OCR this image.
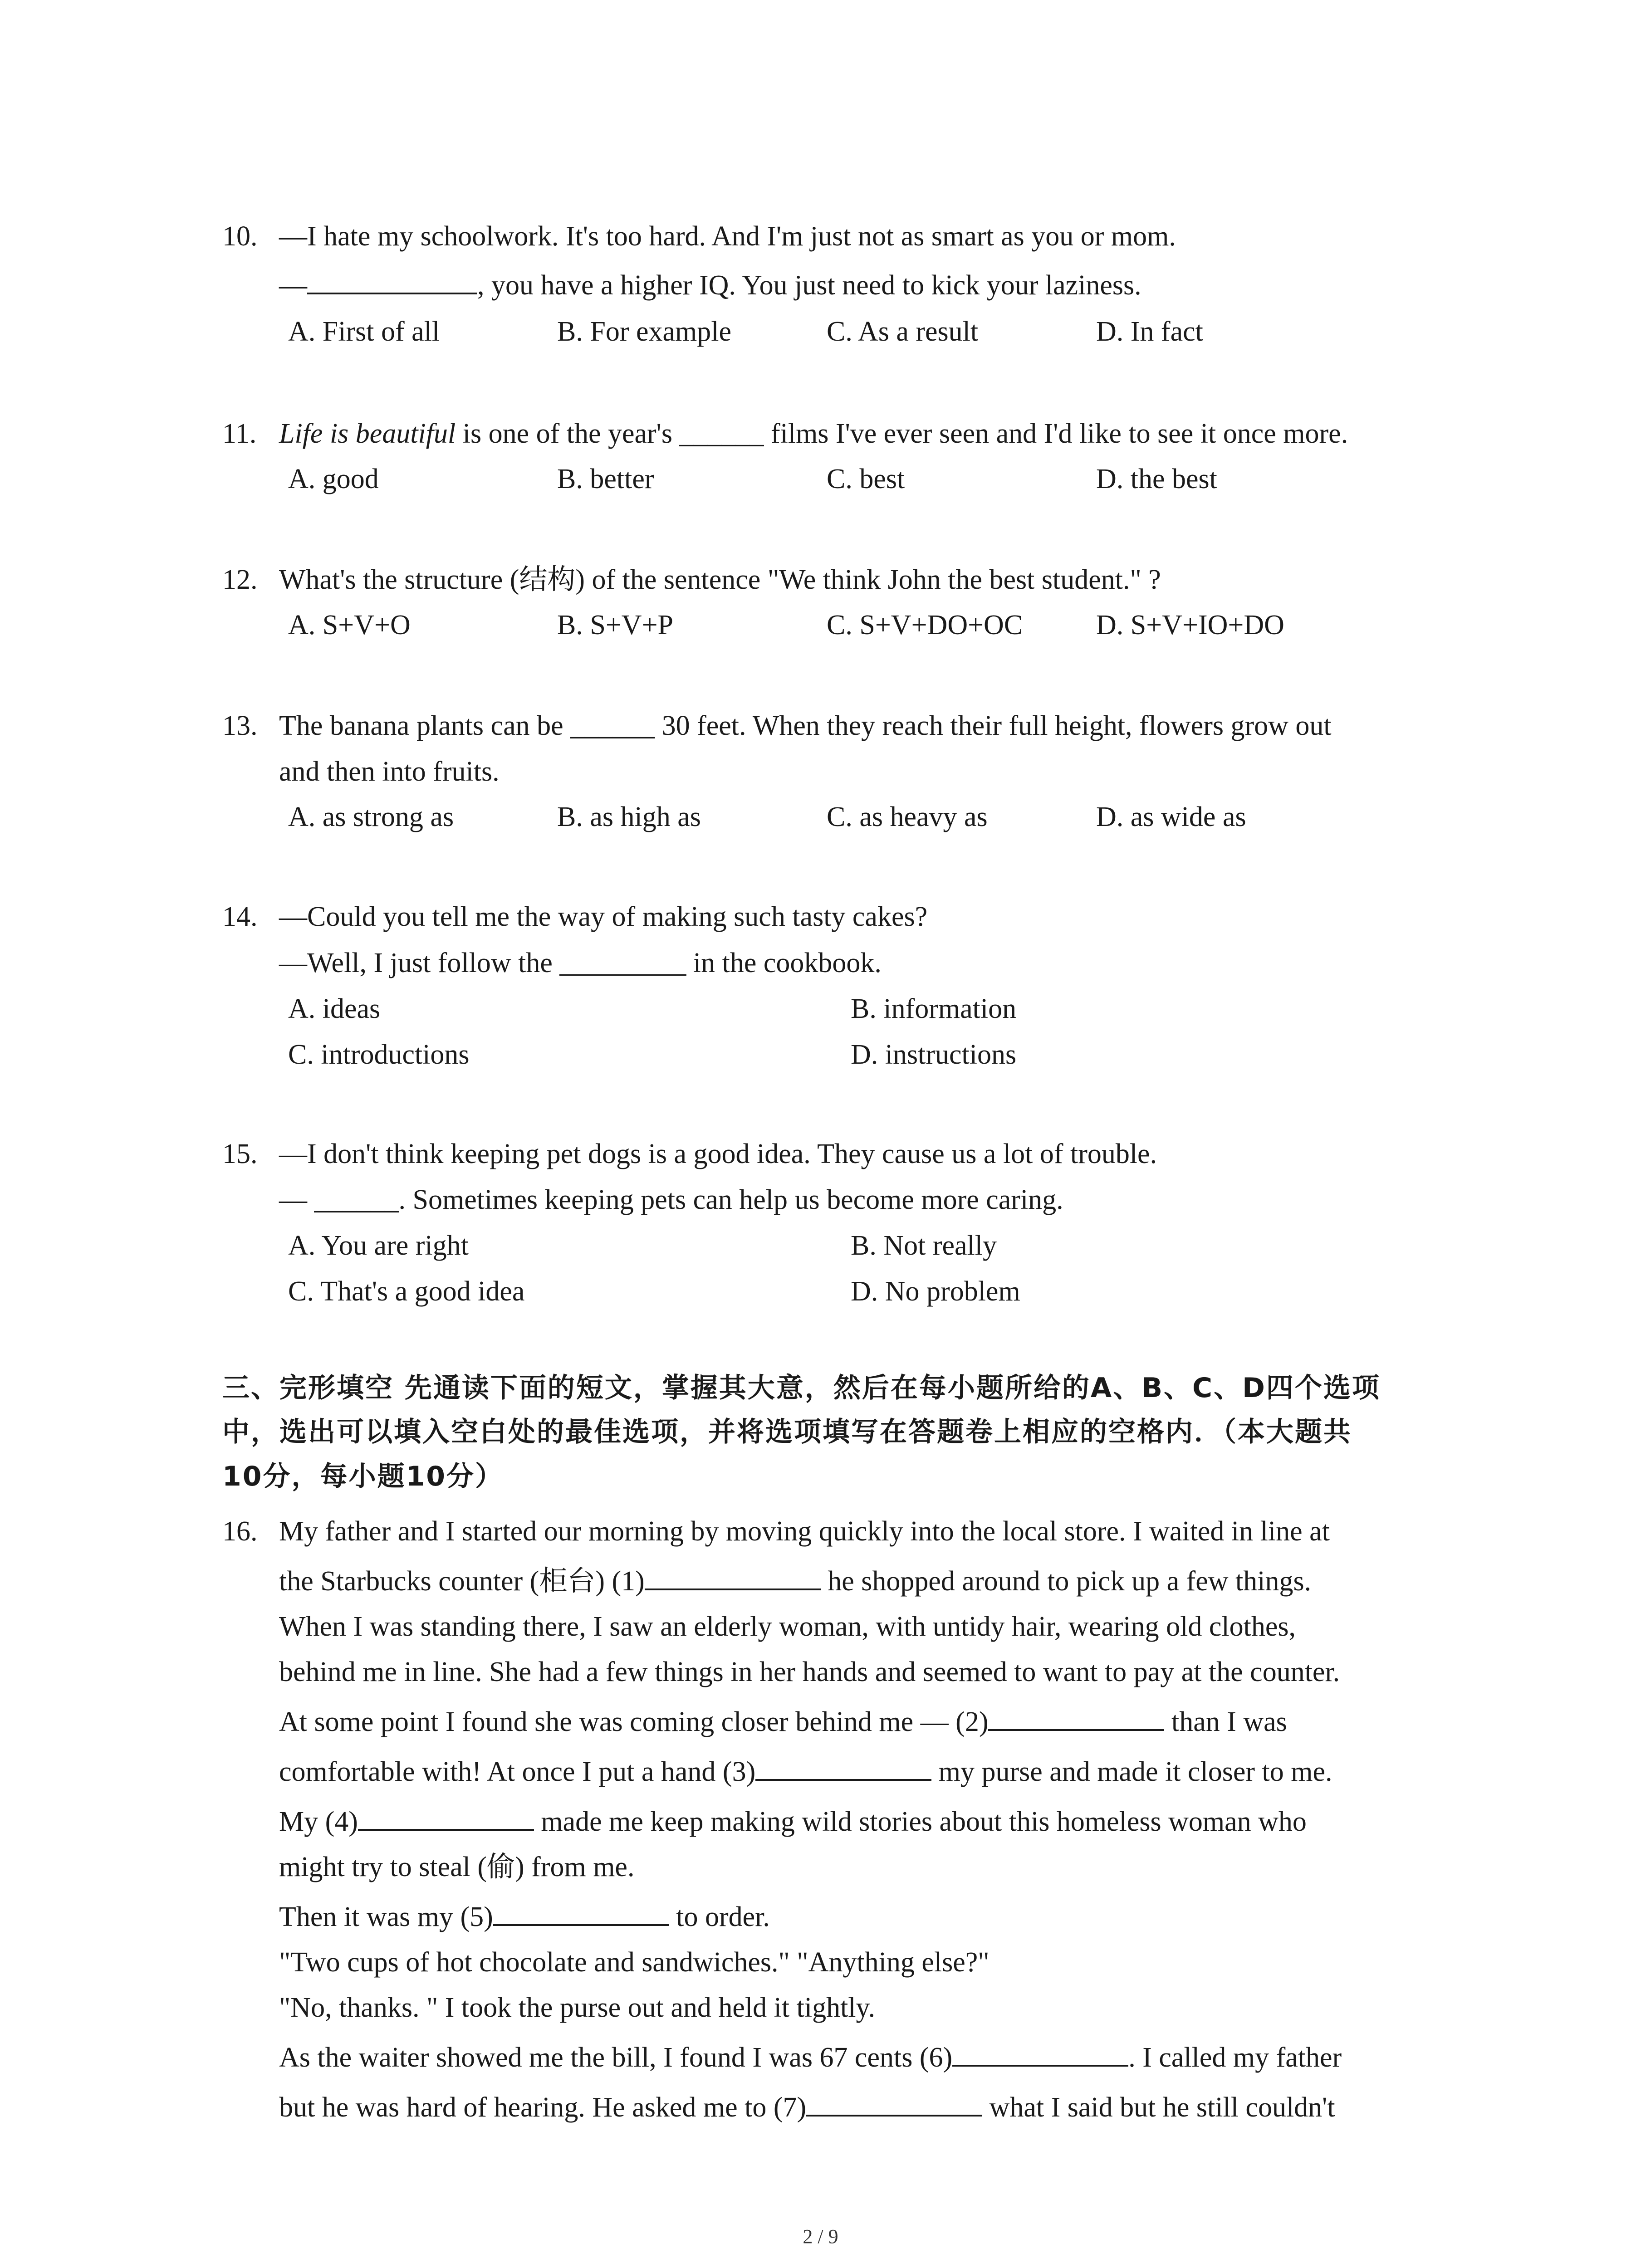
10. —I hate my schoolwork. It's too hard. And I'm just not as smart as you or mom.
—	, you have a higher IQ. You just need to kick your laziness.
A. First of all	B. For example	C. As a result	D. In fact
11. Life is beautiful is one of the year's ______ films I've ever seen and I'd like to see it once more.
A. good	B. better	C. best	D. the best
12. What's the structure (结构) of the sentence "We think John the best student." ?
A. S+V+O	B. S+V+P	C. S+V+DO+OC	D. S+V+IO+DO
13. The banana plants can be ______ 30 feet. When they reach their full height, flowers grow out
and then into fruits.
A. as strong as	B. as high as	C. as heavy as	D. as wide as
14. —Could you tell me the way of making such tasty cakes?
—Well, I just follow the _________ in the cookbook.
A. ideas	B. information
C. introductions	D. instructions
15. —I don't think keeping pet dogs is a good idea. They cause us a lot of trouble.
— ______. Sometimes keeping pets can help us become more caring.
A. You are right	B. Not really
C. That's a good idea	D. No problem
三、完形填空 先通读下面的短文，掌握其大意，然后在每小题所给的A、B、C、D四个选项
中，选出可以填入空白处的最佳选项，并将选项填写在答题卷上相应的空格内．（本大题共
10分，每小题10分）
16. My father and I started our morning by moving quickly into the local store. I waited in line at
the Starbucks counter (柜台) (1)	he shopped around to pick up a few things.
When I was standing there, I saw an elderly woman, with untidy hair, wearing old clothes,
behind me in line. She had a few things in her hands and seemed to want to pay at the counter.
At some point I found she was coming closer behind me — (2)	than I was
comfortable with! At once I put a hand (3)	my purse and made it closer to me.
My (4)	made me keep making wild stories about this homeless woman who
might try to steal (偷) from me.
Then it was my (5)	to order.
"Two cups of hot chocolate and sandwiches." "Anything else?"
"No, thanks. " I took the purse out and held it tightly.
As the waiter showed me the bill, I found I was 67 cents (6)	. I called my father
but he was hard of hearing. He asked me to (7)	what I said but he still couldn't
2 / 9
